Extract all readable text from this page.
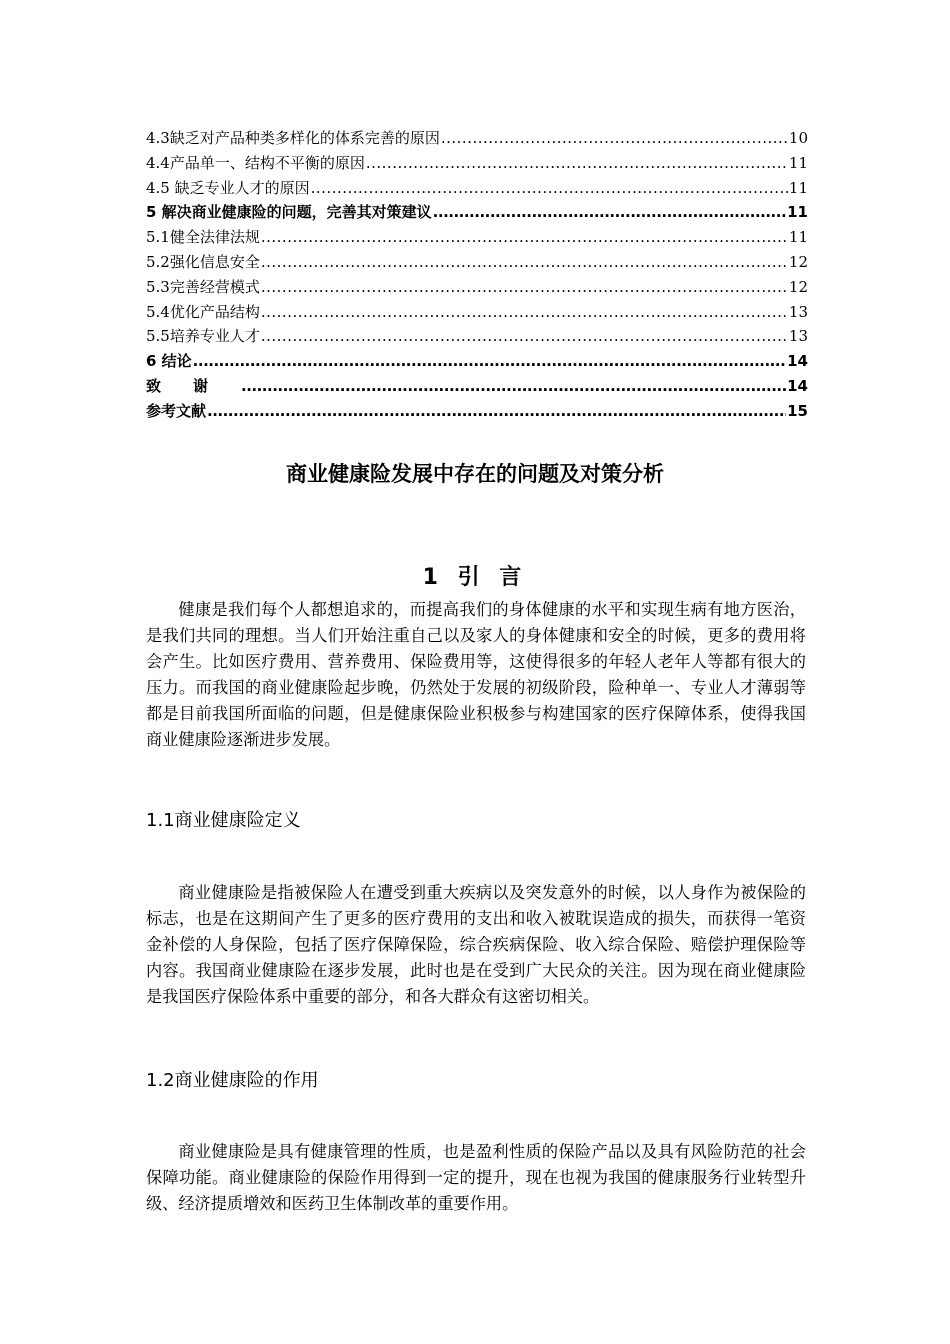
4.3缺乏对产品种类多样化的体系完善的原因 .....	10
4.4产品单一、结构不平衡的原因 .....	11
4.5 缺乏专业人才的原因 .....	11
5 解决商业健康险的问题，完善其对策建议 .....	11
5.1健全法律法规 .....	11
5.2强化信息安全 .....	12
5.3完善经营模式 .....	12
5.4优化产品结构 .....	13
5.5培养专业人才 .....	13
6 结论 .....	14
致谢 .....	14
参考文献 .....	15
商业健康险发展中存在的问题及对策分析
1 引 言

健康是我们每个人都想追求的，而提高我们的身体健康的水平和实现生病有地方医治，是我们共同的理想。当人们开始注重自己以及家人的身体健康和安全的时候，更多的费用将会产生。比如医疗费用、营养费用、保险费用等，这使得很多的年轻人老年人等都有很大的压力。而我国的商业健康险起步晚，仍然处于发展的初级阶段，险种单一、专业人才薄弱等都是目前我国所面临的问题，但是健康保险业积极参与构建国家的医疗保障体系，使得我国商业健康险逐渐进步发展。

1.1商业健康险定义

商业健康险是指被保险人在遭受到重大疾病以及突发意外的时候，以人身作为被保险的标志，也是在这期间产生了更多的医疗费用的支出和收入被耽误造成的损失，而获得一笔资金补偿的人身保险，包括了医疗保障保险，综合疾病保险、收入综合保险、赔偿护理保险等内容。我国商业健康险在逐步发展，此时也是在受到广大民众的关注。因为现在商业健康险是我国医疗保险体系中重要的部分，和各大群众有这密切相关。

1.2商业健康险的作用

商业健康险是具有健康管理的性质，也是盈利性质的保险产品以及具有风险防范的社会保障功能。商业健康险的保险作用得到一定的提升，现在也视为我国的健康服务行业转型升级、经济提质增效和医药卫生体制改革的重要作用。
